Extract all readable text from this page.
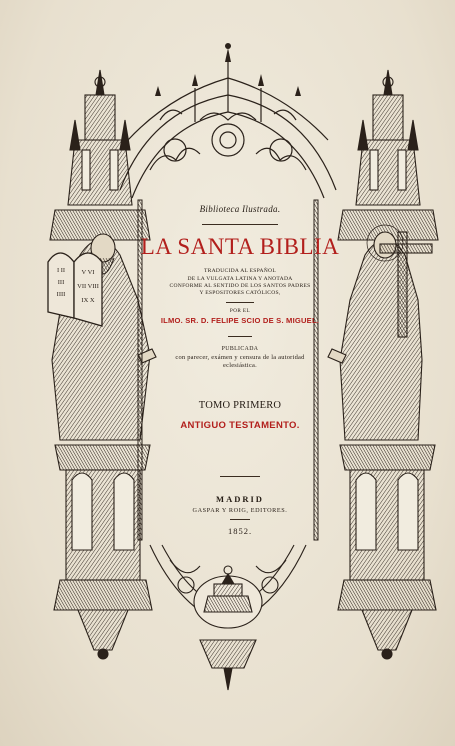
I II
III
IIII
V VI
VII VIII
IX X
Biblioteca Ilustrada.
LA SANTA BIBLIA
TRADUCIDA AL ESPAÑOL
DE LA VULGATA LATINA Y ANOTADA
CONFORME AL SENTIDO DE LOS SANTOS PADRES
Y ESPOSITORES CATÓLICOS,
POR EL
ILMO. SR. D. FELIPE SCIO DE S. MIGUEL.
PUBLICADA
con parecer, exámen y censura de la autoridad
eclesiástica.
TOMO PRIMERO
ANTIGUO TESTAMENTO.
MADRID
GASPAR Y ROIG, EDITORES.
1852.
